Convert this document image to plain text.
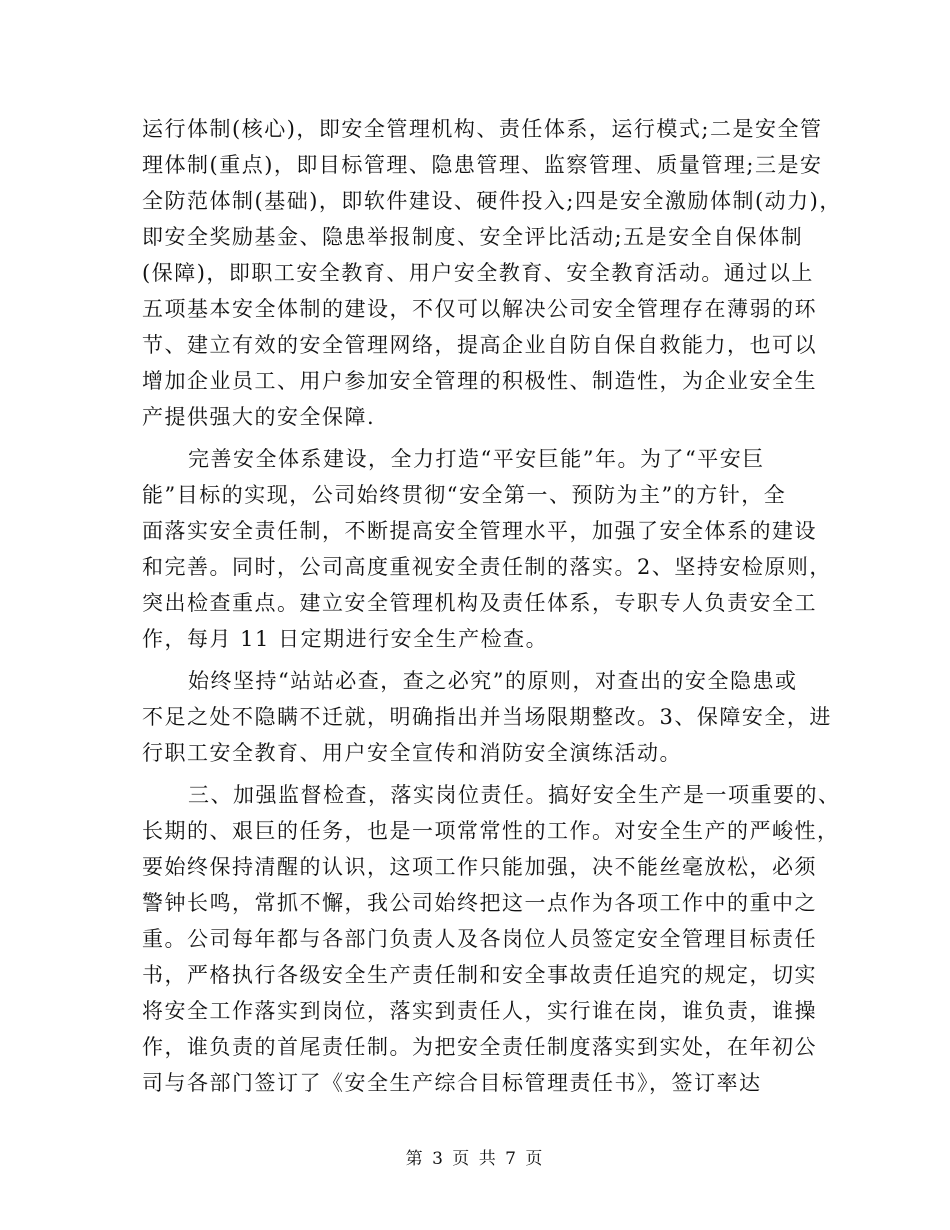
运行体制(核心)，即安全管理机构、责任体系，运行模式;二是安全管
理体制(重点)，即目标管理、隐患管理、监察管理、质量管理;三是安
全防范体制(基础)，即软件建设、硬件投入;四是安全激励体制(动力)，
即安全奖励基金、隐患举报制度、安全评比活动;五是安全自保体制
(保障)，即职工安全教育、用户安全教育、安全教育活动。通过以上
五项基本安全体制的建设，不仅可以解决公司安全管理存在薄弱的环
节、建立有效的安全管理网络，提高企业自防自保自救能力，也可以
增加企业员工、用户参加安全管理的积极性、制造性，为企业安全生
产提供强大的安全保障.
完善安全体系建设，全力打造“平安巨能”年。为了“平安巨
能”目标的实现，公司始终贯彻“安全第一、预防为主”的方针，全
面落实安全责任制，不断提高安全管理水平，加强了安全体系的建设
和完善。同时，公司高度重视安全责任制的落实。2、坚持安检原则，
突出检查重点。建立安全管理机构及责任体系，专职专人负责安全工
作，每月 11 日定期进行安全生产检查。
始终坚持“站站必查，查之必究”的原则，对查出的安全隐患或
不足之处不隐瞒不迁就，明确指出并当场限期整改。3、保障安全，进
行职工安全教育、用户安全宣传和消防安全演练活动。
三、加强监督检查，落实岗位责任。搞好安全生产是一项重要的、
长期的、艰巨的任务，也是一项常常性的工作。对安全生产的严峻性，
要始终保持清醒的认识，这项工作只能加强，决不能丝毫放松，必须
警钟长鸣，常抓不懈，我公司始终把这一点作为各项工作中的重中之
重。公司每年都与各部门负责人及各岗位人员签定安全管理目标责任
书，严格执行各级安全生产责任制和安全事故责任追究的规定，切实
将安全工作落实到岗位，落实到责任人，实行谁在岗，谁负责，谁操
作，谁负责的首尾责任制。为把安全责任制度落实到实处，在年初公
司与各部门签订了《安全生产综合目标管理责任书》，签订率达
第 3 页 共 7 页
